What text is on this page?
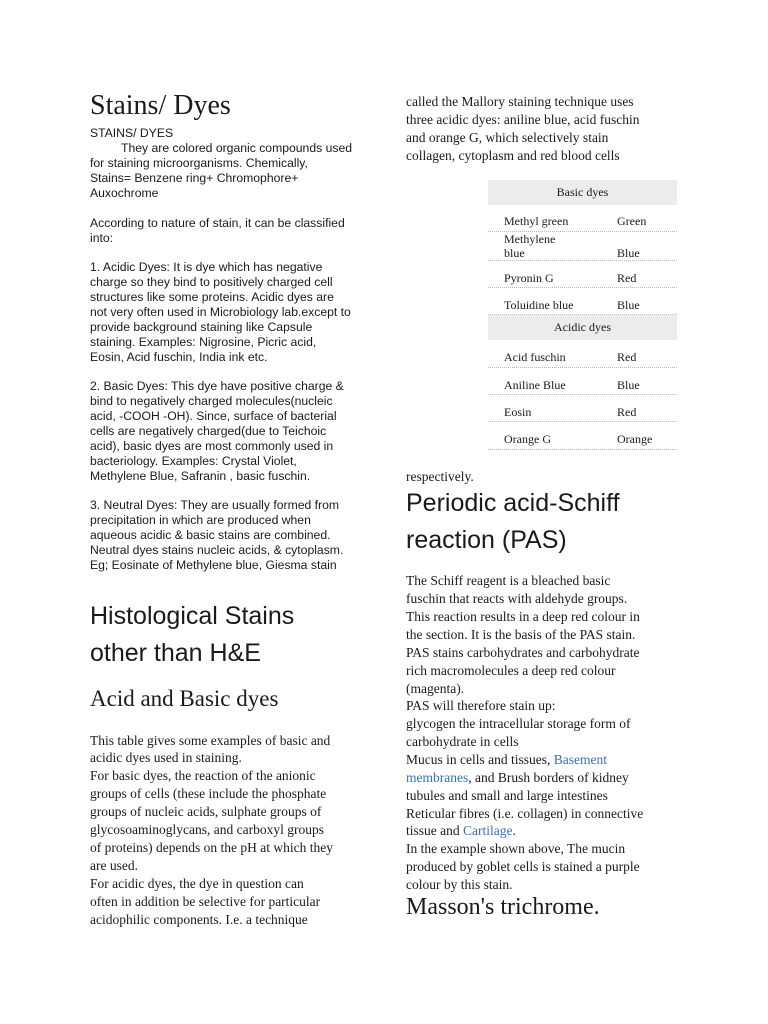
Stains/ Dyes
STAINS/ DYES
They are colored organic compounds used
for staining microorganisms. Chemically,
Stains= Benzene ring+ Chromophore+
Auxochrome
According to nature of stain, it can be classified
into:
1. Acidic Dyes: It is dye which has negative
charge so they bind to positively charged cell
structures like some proteins. Acidic dyes are
not very often used in Microbiology lab.except to
provide background staining like Capsule
staining. Examples: Nigrosine, Picric acid,
Eosin, Acid fuschin, India ink etc.
2. Basic Dyes: This dye have positive charge &
bind to negatively charged molecules(nucleic
acid, -COOH -OH). Since, surface of bacterial
cells are negatively charged(due to Teichoic
acid), basic dyes are most commonly used in
bacteriology. Examples: Crystal Violet,
Methylene Blue, Safranin , basic fuschin.
3. Neutral Dyes: They are usually formed from
precipitation in which are produced when
aqueous acidic & basic stains are combined.
Neutral dyes stains nucleic acids, & cytoplasm.
Eg; Eosinate of Methylene blue, Giesma stain
Histological Stains
other than H&E
Acid and Basic dyes
This table gives some examples of basic and
acidic dyes used in staining.
For basic dyes, the reaction of the anionic
groups of cells (these include the phosphate
groups of nucleic acids, sulphate groups of
glycosoaminoglycans, and carboxyl groups
of proteins) depends on the pH at which they
are used.
For acidic dyes, the dye in question can
often in addition be selective for particular
acidophilic components. I.e. a technique
called the Mallory staining technique uses
three acidic dyes: aniline blue, acid fuschin
and orange G, which selectively stain
collagen, cytoplasm and red blood cells
Basic dyes
Methyl green	Green
Methylene
blue	Blue
Pyronin G	Red
Toluidine blue	Blue
Acidic dyes
Acid fuschin	Red
Aniline Blue	Blue
Eosin	Red
Orange G	Orange
respectively.
Periodic acid-Schiff
reaction (PAS)
The Schiff reagent is a bleached basic
fuschin that reacts with aldehyde groups.
This reaction results in a deep red colour in
the section. It is the basis of the PAS stain.
PAS stains carbohydrates and carbohydrate
rich macromolecules a deep red colour
(magenta).
PAS will therefore stain up:
glycogen the intracellular storage form of
carbohydrate in cells
Mucus in cells and tissues, Basement
membranes, and Brush borders of kidney
tubules and small and large intestines
Reticular fibres (i.e. collagen) in connective
tissue and Cartilage.
In the example shown above, The mucin
produced by goblet cells is stained a purple
colour by this stain.
Masson's trichrome.
